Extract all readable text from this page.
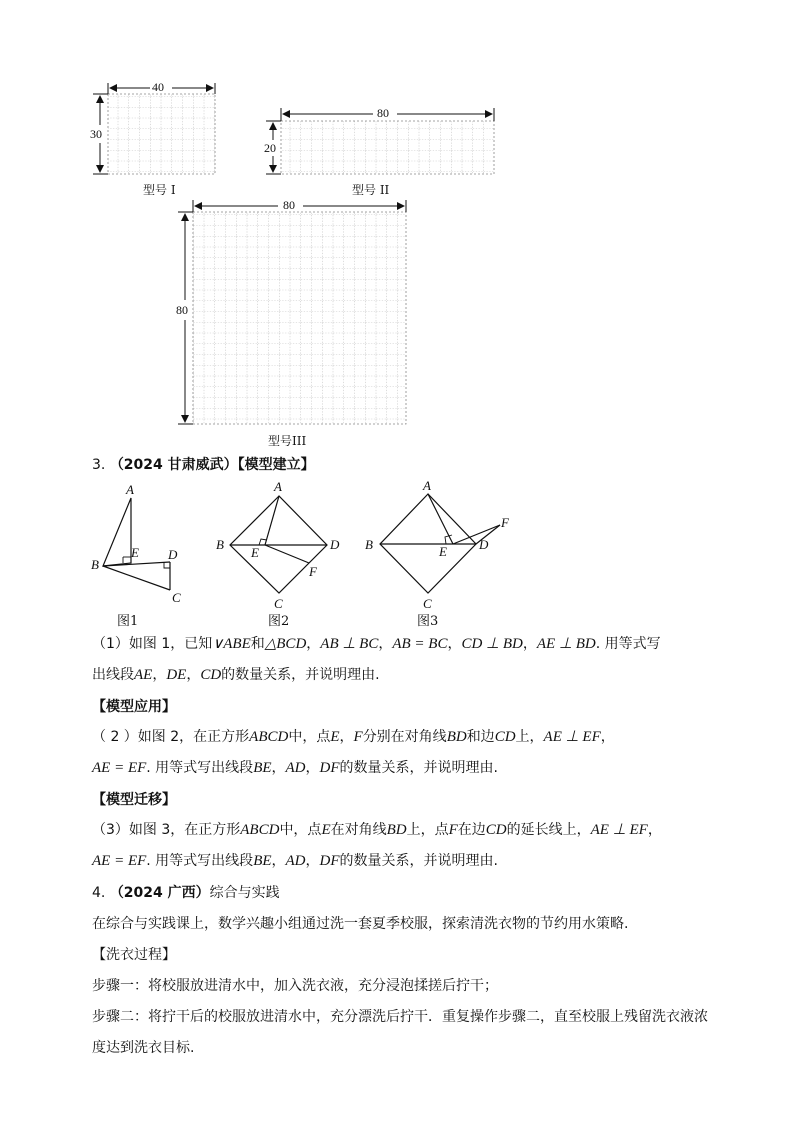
40
30
型号 I
80
20
型号 II
80
80
型号III
3. （2024 甘肃威武）【模型建立】
A
B
E D
C
A
B
E
D
F
C
A
B	E D
F
C
图1	图2	图3
（1）如图 1，已知∨ABE和△BCD，AB ⊥ BC，AB = BC，CD ⊥ BD，AE ⊥ BD. 用等式写
出线段AE，DE，CD的数量关系，并说明理由.
【模型应用】
（ 2 ）如图 2，在正方形ABCD中，点E，F分别在对角线BD和边CD上，AE ⊥ EF，
AE = EF. 用等式写出线段BE，AD，DF的数量关系，并说明理由.
【模型迁移】
（3）如图 3，在正方形ABCD中，点E在对角线BD上，点F在边CD的延长线上，AE ⊥ EF，
AE = EF. 用等式写出线段BE，AD，DF的数量关系，并说明理由.
4. （2024 广西）综合与实践
在综合与实践课上，数学兴趣小组通过洗一套夏季校服，探索清洗衣物的节约用水策略.
【洗衣过程】
步骤一：将校服放进清水中，加入洗衣液，充分浸泡揉搓后拧干；
步骤二：将拧干后的校服放进清水中，充分漂洗后拧干．重复操作步骤二，直至校服上残留洗衣液浓
度达到洗衣目标.
